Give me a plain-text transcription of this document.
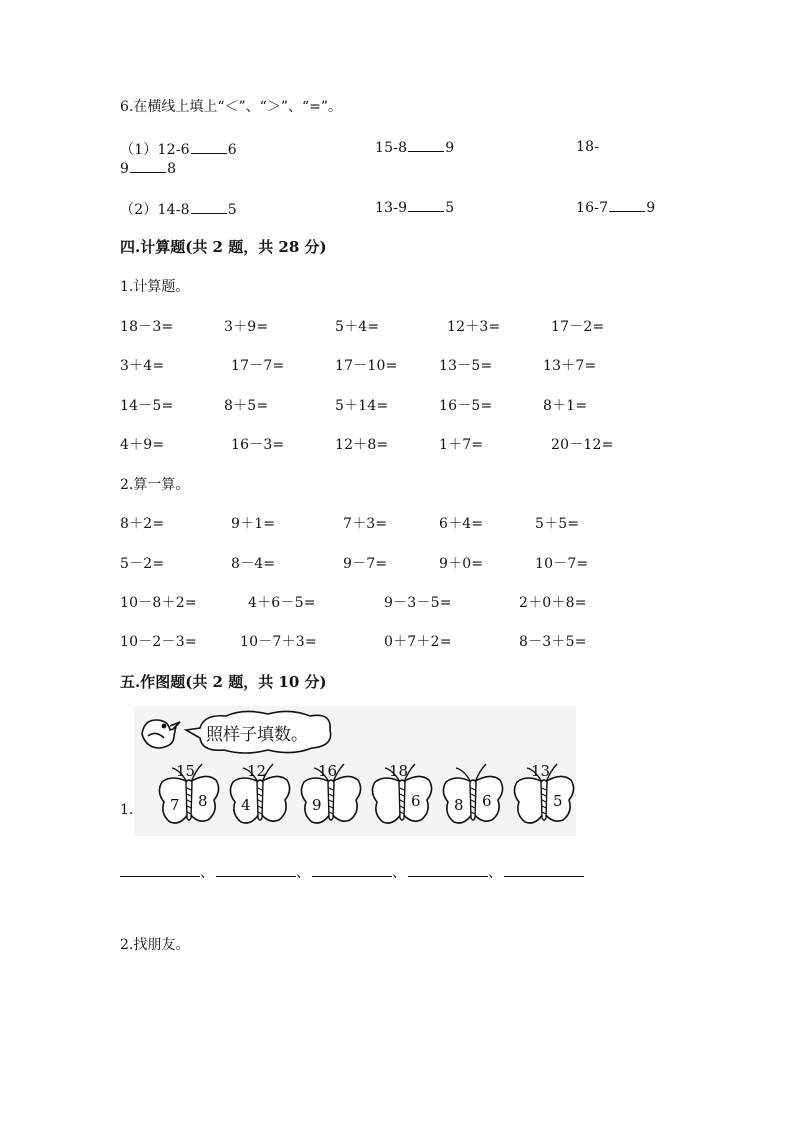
6.在横线上填上“＜”、“＞”、“=”。
（1）12-6	6	15-8	9	18-
9	8
（2）14-8	5	13-9	5	16-7	9
四.计算题(共 2 题，共 28 分)
1.计算题。
18－3=	3＋9=	5＋4=	12＋3=	17－2=
3＋4=	17－7=	17－10=	13－5=	13＋7=
14－5=	8＋5=	5＋14=	16－5=	8＋1=
4＋9=	16－3=	12＋8=	1＋7=	20－12=
2.算一算。
8＋2=	9＋1=	7＋3=	6＋4=	5＋5=
5－2=	8－4=	9－7=	9＋0=	10－7=
10－8＋2=	4＋6－5=	9－3－5=	2＋0＋8=
10－2－3=	10－7＋3=	0＋7＋2=	8－3＋5=
五.作图题(共 2 题，共 10 分)
1.
照样子填数。
15
7 8
12
4
16
9
18
6 8 6
13
5
、	、	、	、
2.找朋友。
